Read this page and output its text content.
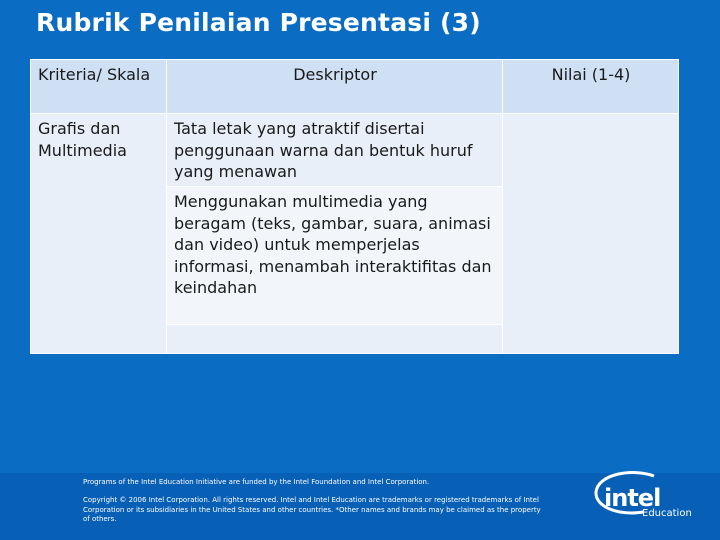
Rubrik Penilaian Presentasi (3)
Kriteria/ Skala	Deskriptor	Nilai (1-4)
Grafis dan Multimedia	Tata letak yang atraktif disertai penggunaan warna dan bentuk huruf yang menawan	
	Menggunakan multimedia yang beragam (teks, gambar, suara, animasi dan video) untuk memperjelas informasi, menambah interaktifitas dan keindahan	

Programs of the Intel Education Initiative are funded by the Intel Foundation and Intel Corporation.
Copyright © 2006 Intel Corporation. All rights reserved. Intel and Intel Education are trademarks or registered trademarks of Intel Corporation or its subsidiaries in the United States and other countries. *Other names and brands may be claimed as the property of others.
intel
Education
